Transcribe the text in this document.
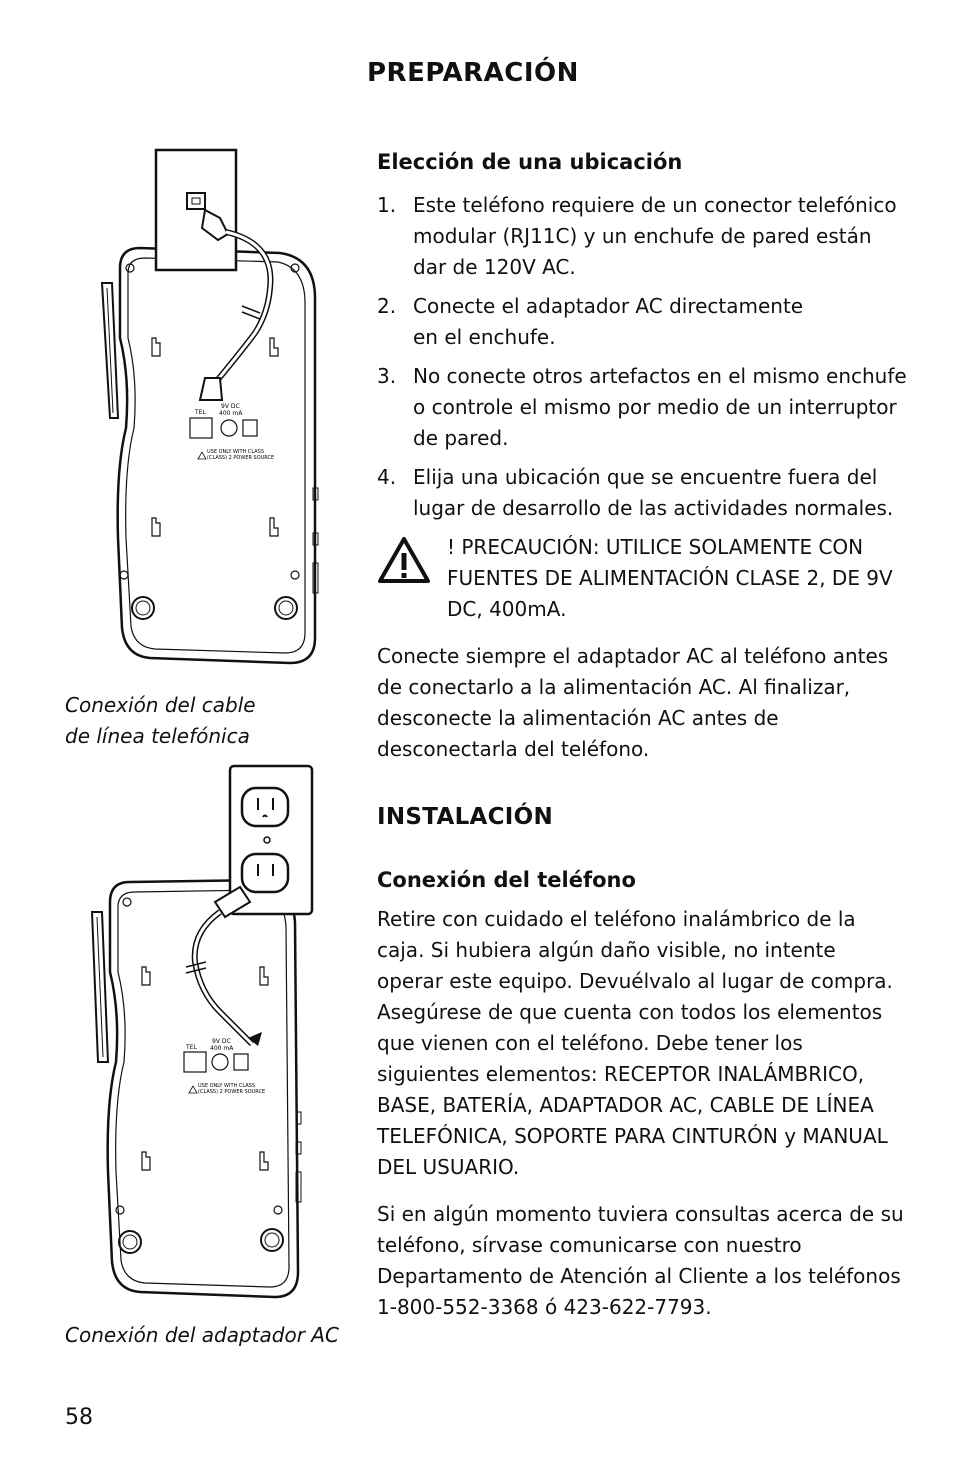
PREPARACIÓN
TEL
9V DC
400 mA
USE ONLY WITH CLASS
(CLASS) 2 POWER SOURCE
Conexión del cable de línea telefónica
TEL
9V DC
400 mA
USE ONLY WITH CLASS
(CLASS) 2 POWER SOURCE
Conexión del adaptador AC
Elección de una ubicación
1. Este teléfono requiere de un conector telefónico modular (RJ11C) y un enchufe de pared están dar de 120V AC.
2. Conecte el adaptador AC directamente en el enchufe.
3. No conecte otros artefactos en el mismo enchufe o controle el mismo por medio de un interruptor de pared.
4. Elija una ubicación que se encuentre fuera del lugar de desarrollo de las actividades normales.

! PRECAUCIÓN: UTILICE SOLAMENTE CON FUENTES DE ALIMENTACIÓN CLASE 2, DE 9V DC, 400mA.

Conecte siempre el adaptador AC al teléfono antes de conectarlo a la alimentación AC. Al finalizar, desconecte la alimentación AC antes de desconectarla del teléfono.

INSTALACIÓN
Conexión del teléfono

Retire con cuidado el teléfono inalámbrico de la caja. Si hubiera algún daño visible, no intente operar este equipo. Devuélvalo al lugar de compra. Asegúrese de que cuenta con todos los elementos que vienen con el teléfono. Debe tener los siguientes elementos: RECEPTOR INALÁMBRICO, BASE, BATERÍA, ADAPTADOR AC, CABLE DE LÍNEA TELEFÓNICA, SOPORTE PARA CINTURÓN y MANUAL DEL USUARIO.

Si en algún momento tuviera consultas acerca de su teléfono, sírvase comunicarse con nuestro Departamento de Atención al Cliente a los teléfonos 1-800-552-3368 ó 423-622-7793.

58
